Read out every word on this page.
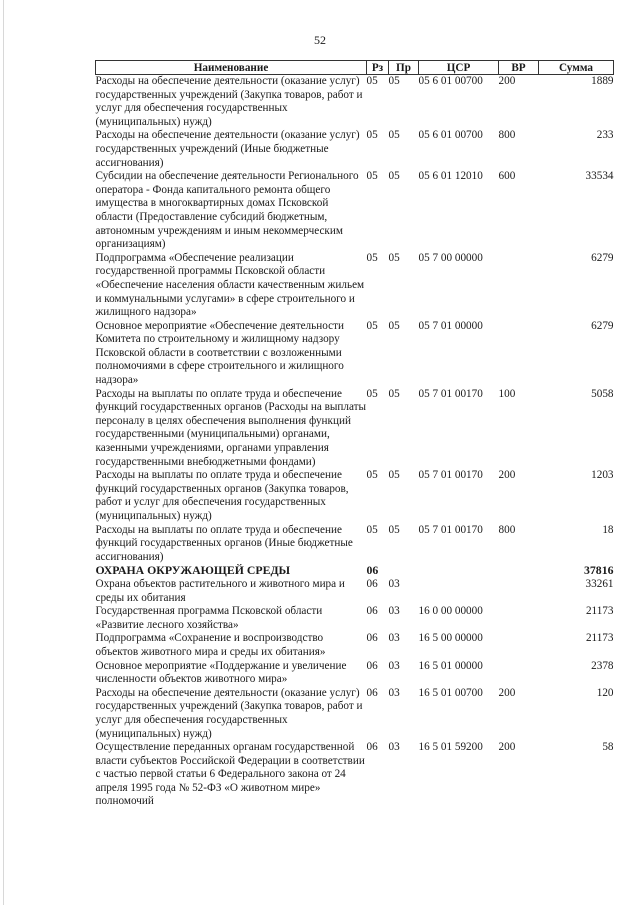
52
Наименование	Рз	Пр	ЦСР	ВР	Сумма
Расходы на обеспечение деятельности (оказание услуг) государственных учреждений (Закупка товаров, работ и услуг для обеспечения государственных (муниципальных) нужд)	05	05	05 6 01 00700	200	1889
Расходы на обеспечение деятельности (оказание услуг) государственных учреждений (Иные бюджетные ассигнования)	05	05	05 6 01 00700	800	233
Субсидии на обеспечение деятельности Регионального оператора - Фонда капитального ремонта общего имущества в многоквартирных домах Псковской области (Предоставление субсидий бюджетным, автономным учреждениям и иным некоммерческим организациям)	05	05	05 6 01 12010	600	33534
Подпрограмма «Обеспечение реализации государственной программы Псковской области «Обеспечение населения области качественным жильем и коммунальными услугами» в сфере строительного и жилищного надзора»	05	05	05 7 00 00000		6279
Основное мероприятие «Обеспечение деятельности Комитета по строительному и жилищному надзору Псковской области в соответствии с возложенными полномочиями в сфере строительного и жилищного надзора»	05	05	05 7 01 00000		6279
Расходы на выплаты по оплате труда и обеспечение функций государственных органов (Расходы на выплаты персоналу в целях обеспечения выполнения функций государственными (муниципальными) органами, казенными учреждениями, органами управления государственными внебюджетными фондами)	05	05	05 7 01 00170	100	5058
Расходы на выплаты по оплате труда и обеспечение функций государственных органов (Закупка товаров, работ и услуг для обеспечения государственных (муниципальных) нужд)	05	05	05 7 01 00170	200	1203
Расходы на выплаты по оплате труда и обеспечение функций государственных органов (Иные бюджетные ассигнования)	05	05	05 7 01 00170	800	18
ОХРАНА ОКРУЖАЮЩЕЙ СРЕДЫ	06				37816
Охрана объектов растительного и животного мира и среды их обитания	06	03			33261
Государственная программа Псковской области «Развитие лесного хозяйства»	06	03	16 0 00 00000		21173
Подпрограмма «Сохранение и воспроизводство объектов животного мира и среды их обитания»	06	03	16 5 00 00000		21173
Основное мероприятие «Поддержание и увеличение численности объектов животного мира»	06	03	16 5 01 00000		2378
Расходы на обеспечение деятельности (оказание услуг) государственных учреждений (Закупка товаров, работ и услуг для обеспечения государственных (муниципальных) нужд)	06	03	16 5 01 00700	200	120
Осуществление переданных органам государственной власти субъектов Российской Федерации в соответствии с частью первой статьи 6 Федерального закона от 24 апреля 1995 года № 52-ФЗ «О животном мире» полномочий	06	03	16 5 01 59200	200	58
